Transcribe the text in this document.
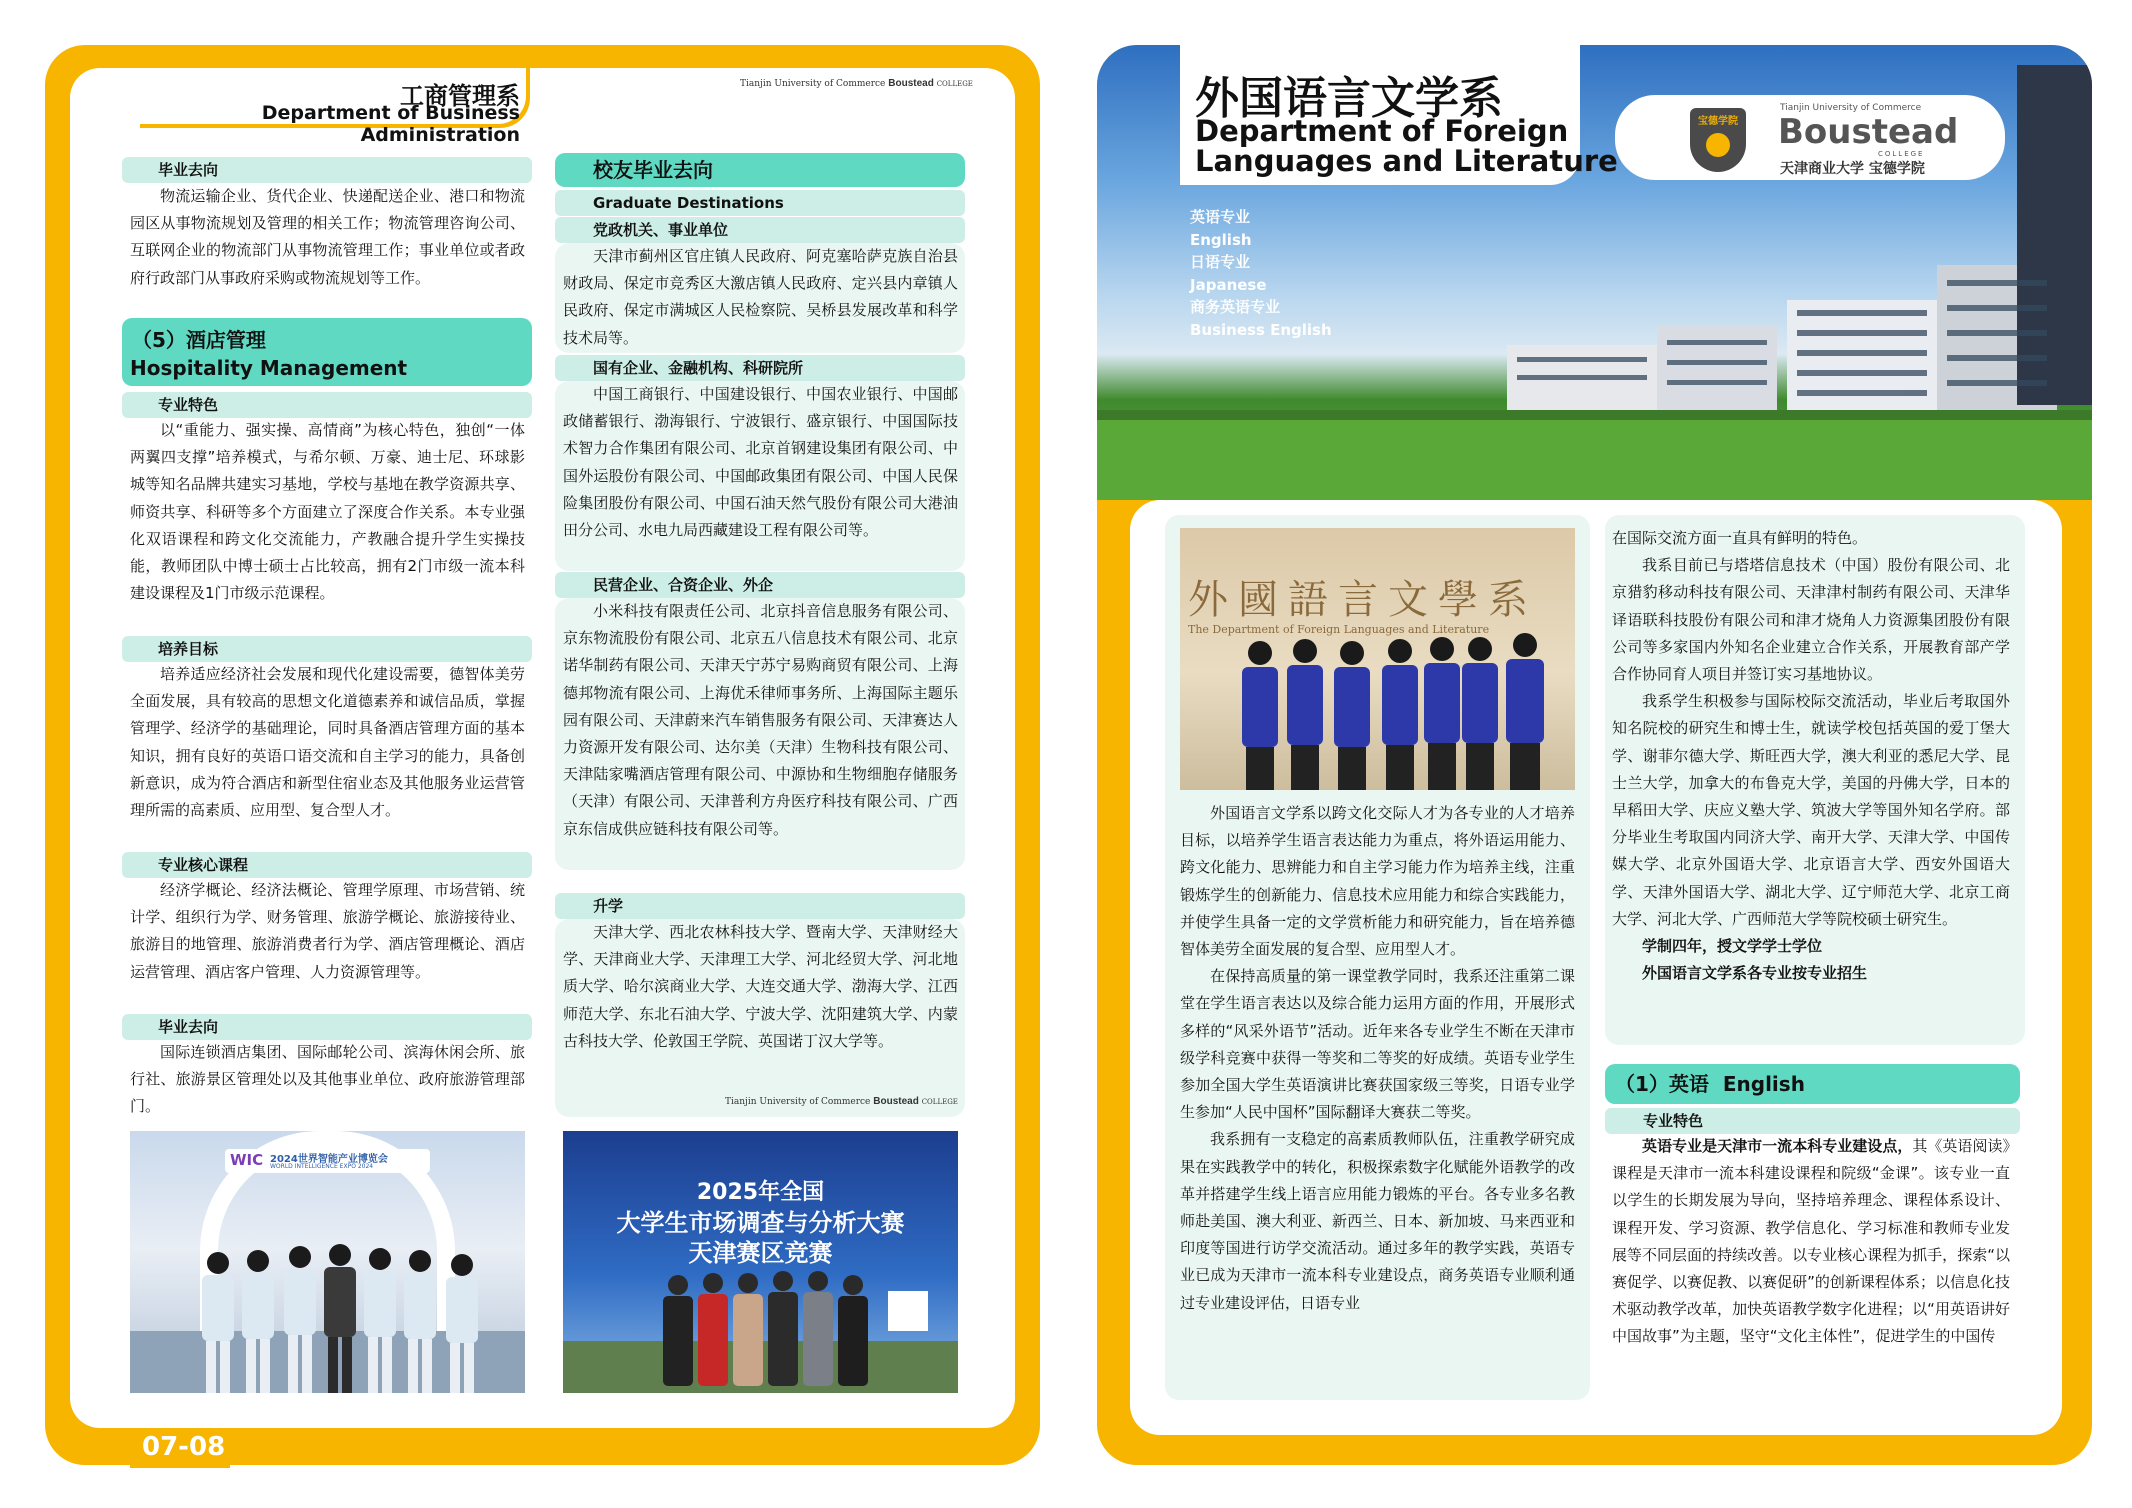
工商管理系
Department of Business Administration
Tianjin University of Commerce Boustead COLLEGE
毕业去向

物流运输企业、货代企业、快递配送企业、港口和物流园区从事物流规划及管理的相关工作；物流管理咨询公司、互联网企业的物流部门从事物流管理工作；事业单位或者政府行政部门从事政府采购或物流规划等工作。

（5）酒店管理
Hospitality Management
专业特色

以“重能力、强实操、高情商”为核心特色，独创“一体两翼四支撑”培养模式，与希尔顿、万豪、迪士尼、环球影城等知名品牌共建实习基地，学校与基地在教学资源共享、师资共享、科研等多个方面建立了深度合作关系。本专业强化双语课程和跨文化交流能力，产教融合提升学生实操技能，教师团队中博士硕士占比较高，拥有2门市级一流本科建设课程及1门市级示范课程。

培养目标

培养适应经济社会发展和现代化建设需要，德智体美劳全面发展，具有较高的思想文化道德素养和诚信品质，掌握管理学、经济学的基础理论，同时具备酒店管理方面的基本知识，拥有良好的英语口语交流和自主学习的能力，具备创新意识，成为符合酒店和新型住宿业态及其他服务业运营管理所需的高素质、应用型、复合型人才。

专业核心课程

经济学概论、经济法概论、管理学原理、市场营销、统计学、组织行为学、财务管理、旅游学概论、旅游接待业、旅游目的地管理、旅游消费者行为学、酒店管理概论、酒店运营管理、酒店客户管理、人力资源管理等。

毕业去向

国际连锁酒店集团、国际邮轮公司、滨海休闲会所、旅行社、旅游景区管理处以及其他事业单位、政府旅游管理部门。

WIC 2024世界智能产业博览会
WORLD INTELLIGENCE EXPO 2024
校友毕业去向
Graduate Destinations
党政机关、事业单位

天津市蓟州区官庄镇人民政府、阿克塞哈萨克族自治县财政局、保定市竞秀区大激店镇人民政府、定兴县内章镇人民政府、保定市满城区人民检察院、吴桥县发展改革和科学技术局等。

国有企业、金融机构、科研院所

中国工商银行、中国建设银行、中国农业银行、中国邮政储蓄银行、渤海银行、宁波银行、盛京银行、中国国际技术智力合作集团有限公司、北京首钢建设集团有限公司、中国外运股份有限公司、中国邮政集团有限公司、中国人民保险集团股份有限公司、中国石油天然气股份有限公司大港油田分公司、水电九局西藏建设工程有限公司等。

民营企业、合资企业、外企

小米科技有限责任公司、北京抖音信息服务有限公司、京东物流股份有限公司、北京五八信息技术有限公司、北京诺华制药有限公司、天津天宁苏宁易购商贸有限公司、上海德邦物流有限公司、上海优禾律师事务所、上海国际主题乐园有限公司、天津蔚来汽车销售服务有限公司、天津赛达人力资源开发有限公司、达尔美（天津）生物科技有限公司、天津陆家嘴酒店管理有限公司、中源协和生物细胞存储服务（天津）有限公司、天津普利方舟医疗科技有限公司、广西京东信成供应链科技有限公司等。

升学

天津大学、西北农林科技大学、暨南大学、天津财经大学、天津商业大学、天津理工大学、河北经贸大学、河北地质大学、哈尔滨商业大学、大连交通大学、渤海大学、江西师范大学、东北石油大学、宁波大学、沈阳建筑大学、内蒙古科技大学、伦敦国王学院、英国诺丁汉大学等。

Tianjin University of Commerce Boustead COLLEGE
2025年全国
大学生市场调查与分析大赛
天津赛区竞赛
07-08
外国语言文学系
Department of Foreign
Languages and Literature
宝德学院
Tianjin University of Commerce
Boustead
COLLEGE
天津商业大学 宝德学院
英语专业
English
日语专业
Japanese
商务英语专业
Business English
外國語言文學系
The Department of Foreign Languages and Literature

外国语言文学系以跨文化交际人才为各专业的人才培养目标，以培养学生语言表达能力为重点，将外语运用能力、跨文化能力、思辨能力和自主学习能力作为培养主线，注重锻炼学生的创新能力、信息技术应用能力和综合实践能力，并使学生具备一定的文学赏析能力和研究能力，旨在培养德智体美劳全面发展的复合型、应用型人才。

在保持高质量的第一课堂教学同时，我系还注重第二课堂在学生语言表达以及综合能力运用方面的作用，开展形式多样的“风采外语节”活动。近年来各专业学生不断在天津市级学科竞赛中获得一等奖和二等奖的好成绩。英语专业学生参加全国大学生英语演讲比赛获国家级三等奖，日语专业学生参加“人民中国杯”国际翻译大赛获二等奖。

我系拥有一支稳定的高素质教师队伍，注重教学研究成果在实践教学中的转化，积极探索数字化赋能外语教学的改革并搭建学生线上语言应用能力锻炼的平台。各专业多名教师赴美国、澳大利亚、新西兰、日本、新加坡、马来西亚和印度等国进行访学交流活动。通过多年的教学实践，英语专业已成为天津市一流本科专业建设点，商务英语专业顺利通过专业建设评估，日语专业

在国际交流方面一直具有鲜明的特色。

我系目前已与塔塔信息技术（中国）股份有限公司、北京猎豹移动科技有限公司、天津津村制药有限公司、天津华译语联科技股份有限公司和津才烧角人力资源集团股份有限公司等多家国内外知名企业建立合作关系，开展教育部产学合作协同育人项目并签订实习基地协议。

我系学生积极参与国际校际交流活动，毕业后考取国外知名院校的研究生和博士生，就读学校包括英国的爱丁堡大学、谢菲尔德大学、斯旺西大学，澳大利亚的悉尼大学、昆士兰大学，加拿大的布鲁克大学，美国的丹佛大学，日本的早稻田大学、庆应义塾大学、筑波大学等国外知名学府。部分毕业生考取国内同济大学、南开大学、天津大学、中国传媒大学、北京外国语大学、北京语言大学、西安外国语大学、天津外国语大学、湖北大学、辽宁师范大学、北京工商大学、河北大学、广西师范大学等院校硕士研究生。

学制四年，授文学学士学位

外国语言文学系各专业按专业招生

（1）英语 English
专业特色

英语专业是天津市一流本科专业建设点，其《英语阅读》课程是天津市一流本科建设课程和院级“金课”。该专业一直以学生的长期发展为导向，坚持培养理念、课程体系设计、课程开发、学习资源、教学信息化、学习标准和教师专业发展等不同层面的持续改善。以专业核心课程为抓手，探索“以赛促学、以赛促教、以赛促研”的创新课程体系；以信息化技术驱动教学改革，加快英语教学数字化进程；以“用英语讲好中国故事”为主题，坚守“文化主体性”，促进学生的中国传
